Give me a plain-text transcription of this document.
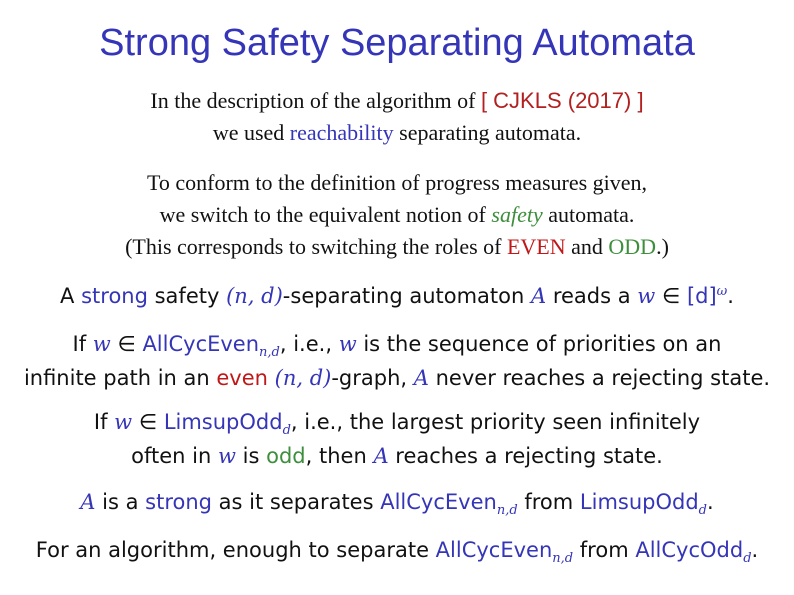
Strong Safety Separating Automata
In the description of the algorithm of [ CJKLS (2017) ]
we used reachability separating automata.
To conform to the definition of progress measures given,
we switch to the equivalent notion of safety automata.
(This corresponds to switching the roles of EVEN and ODD.)
A strong safety (n, d)-separating automaton A reads a w ∈ $[d]^\omega$.
If w ∈ AllCycEven$_{n,d}$, i.e., w is the sequence of priorities on an
infinite path in an even (n, d)-graph, A never reaches a rejecting state.
If w ∈ LimsupOdd$_d$, i.e., the largest priority seen infinitely
often in w is odd, then A reaches a rejecting state.
A is a strong as it separates AllCycEven$_{n,d}$ from LimsupOdd$_d$.
For an algorithm, enough to separate AllCycEven$_{n,d}$ from AllCycOdd$_d$.
